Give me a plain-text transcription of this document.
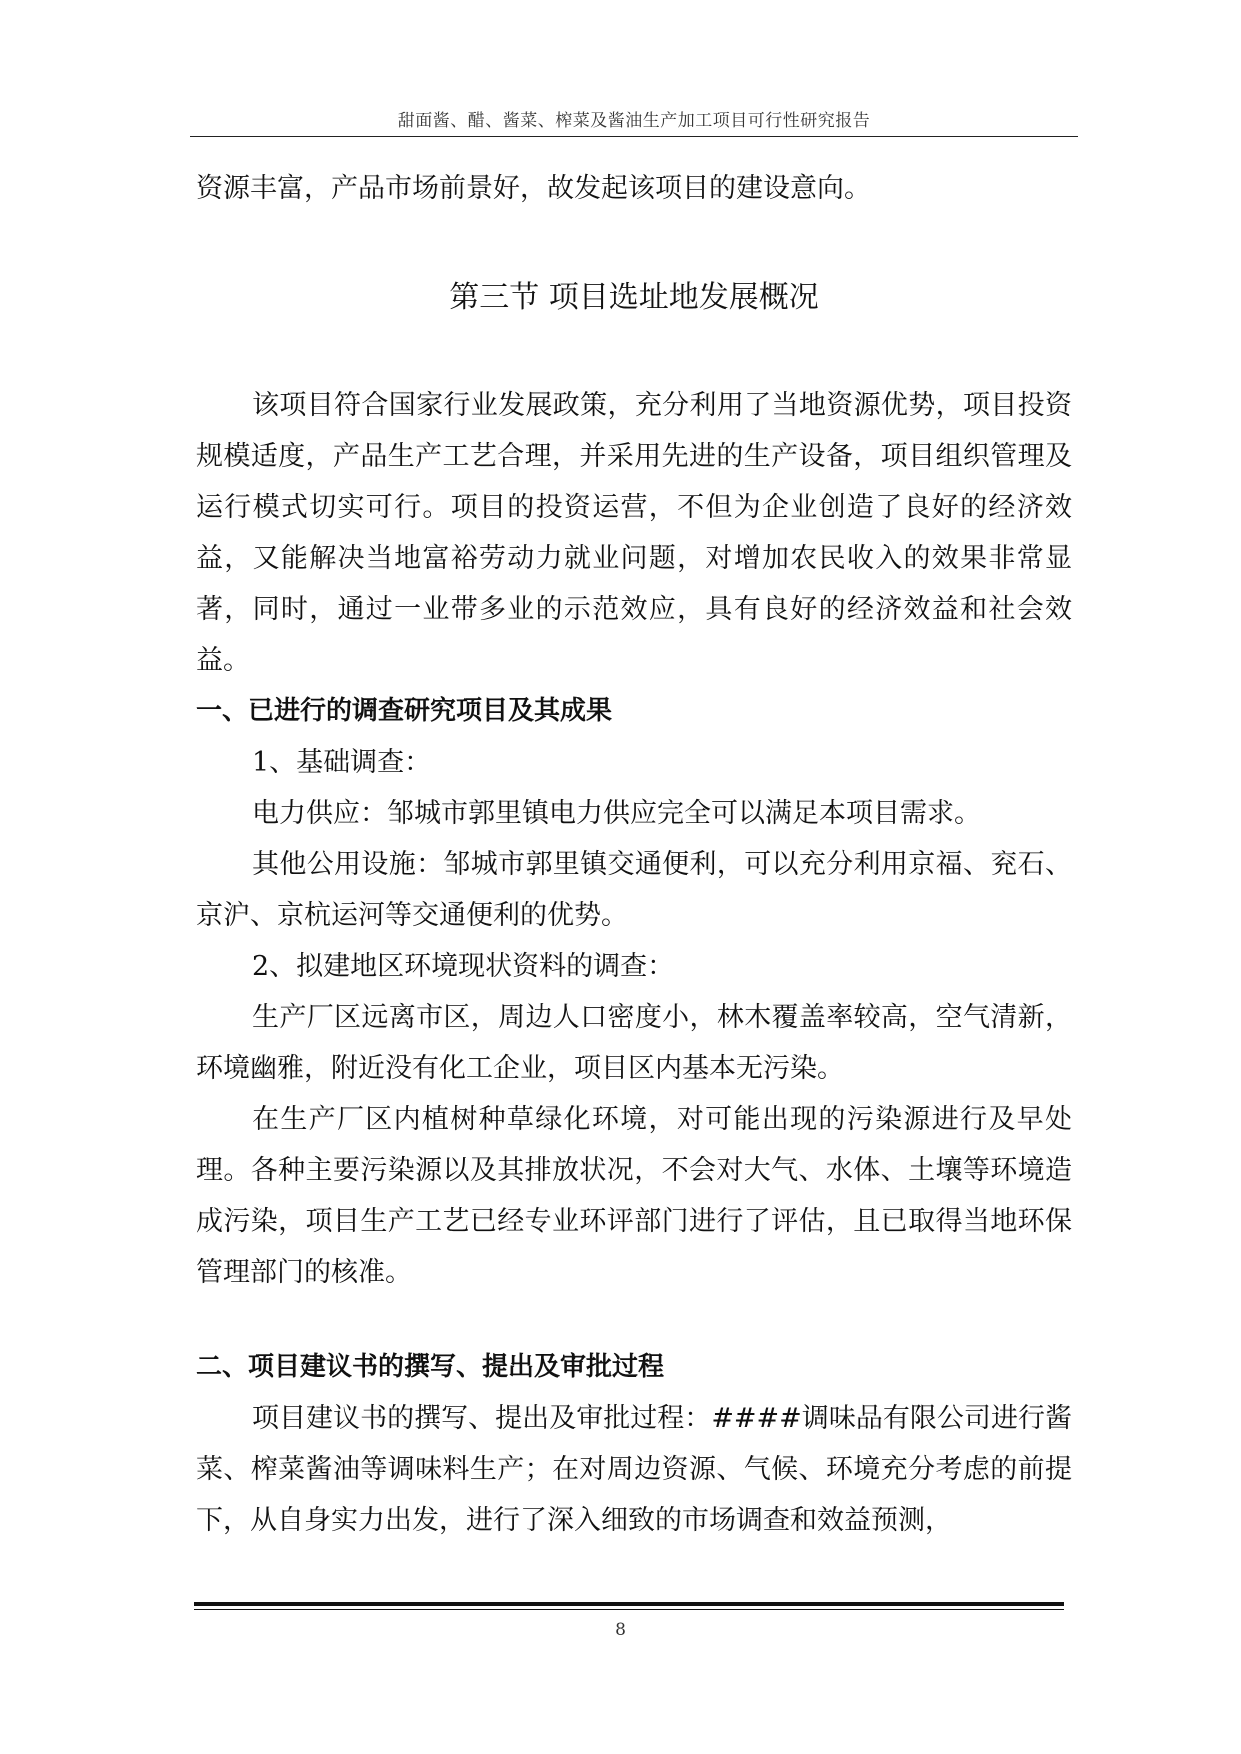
甜面酱、醋、酱菜、榨菜及酱油生产加工项目可行性研究报告

资源丰富，产品市场前景好，故发起该项目的建设意向。

第三节 项目选址地发展概况

该项目符合国家行业发展政策，充分利用了当地资源优势，项目投资规模适度，产品生产工艺合理，并采用先进的生产设备，项目组织管理及运行模式切实可行。项目的投资运营，不但为企业创造了良好的经济效益，又能解决当地富裕劳动力就业问题，对增加农民收入的效果非常显著，同时，通过一业带多业的示范效应，具有良好的经济效益和社会效益。

一、已进行的调查研究项目及其成果

1、基础调查：

电力供应：邹城市郭里镇电力供应完全可以满足本项目需求。

其他公用设施：邹城市郭里镇交通便利，可以充分利用京福、兖石、京沪、京杭运河等交通便利的优势。

2、拟建地区环境现状资料的调查：

生产厂区远离市区，周边人口密度小，林木覆盖率较高，空气清新，环境幽雅，附近没有化工企业，项目区内基本无污染。

在生产厂区内植树种草绿化环境，对可能出现的污染源进行及早处理。各种主要污染源以及其排放状况，不会对大气、水体、土壤等环境造成污染，项目生产工艺已经专业环评部门进行了评估，且已取得当地环保管理部门的核准。

二、项目建议书的撰写、提出及审批过程

项目建议书的撰写、提出及审批过程：####调味品有限公司进行酱菜、榨菜酱油等调味料生产；在对周边资源、气候、环境充分考虑的前提下，从自身实力出发，进行了深入细致的市场调查和效益预测，

8
